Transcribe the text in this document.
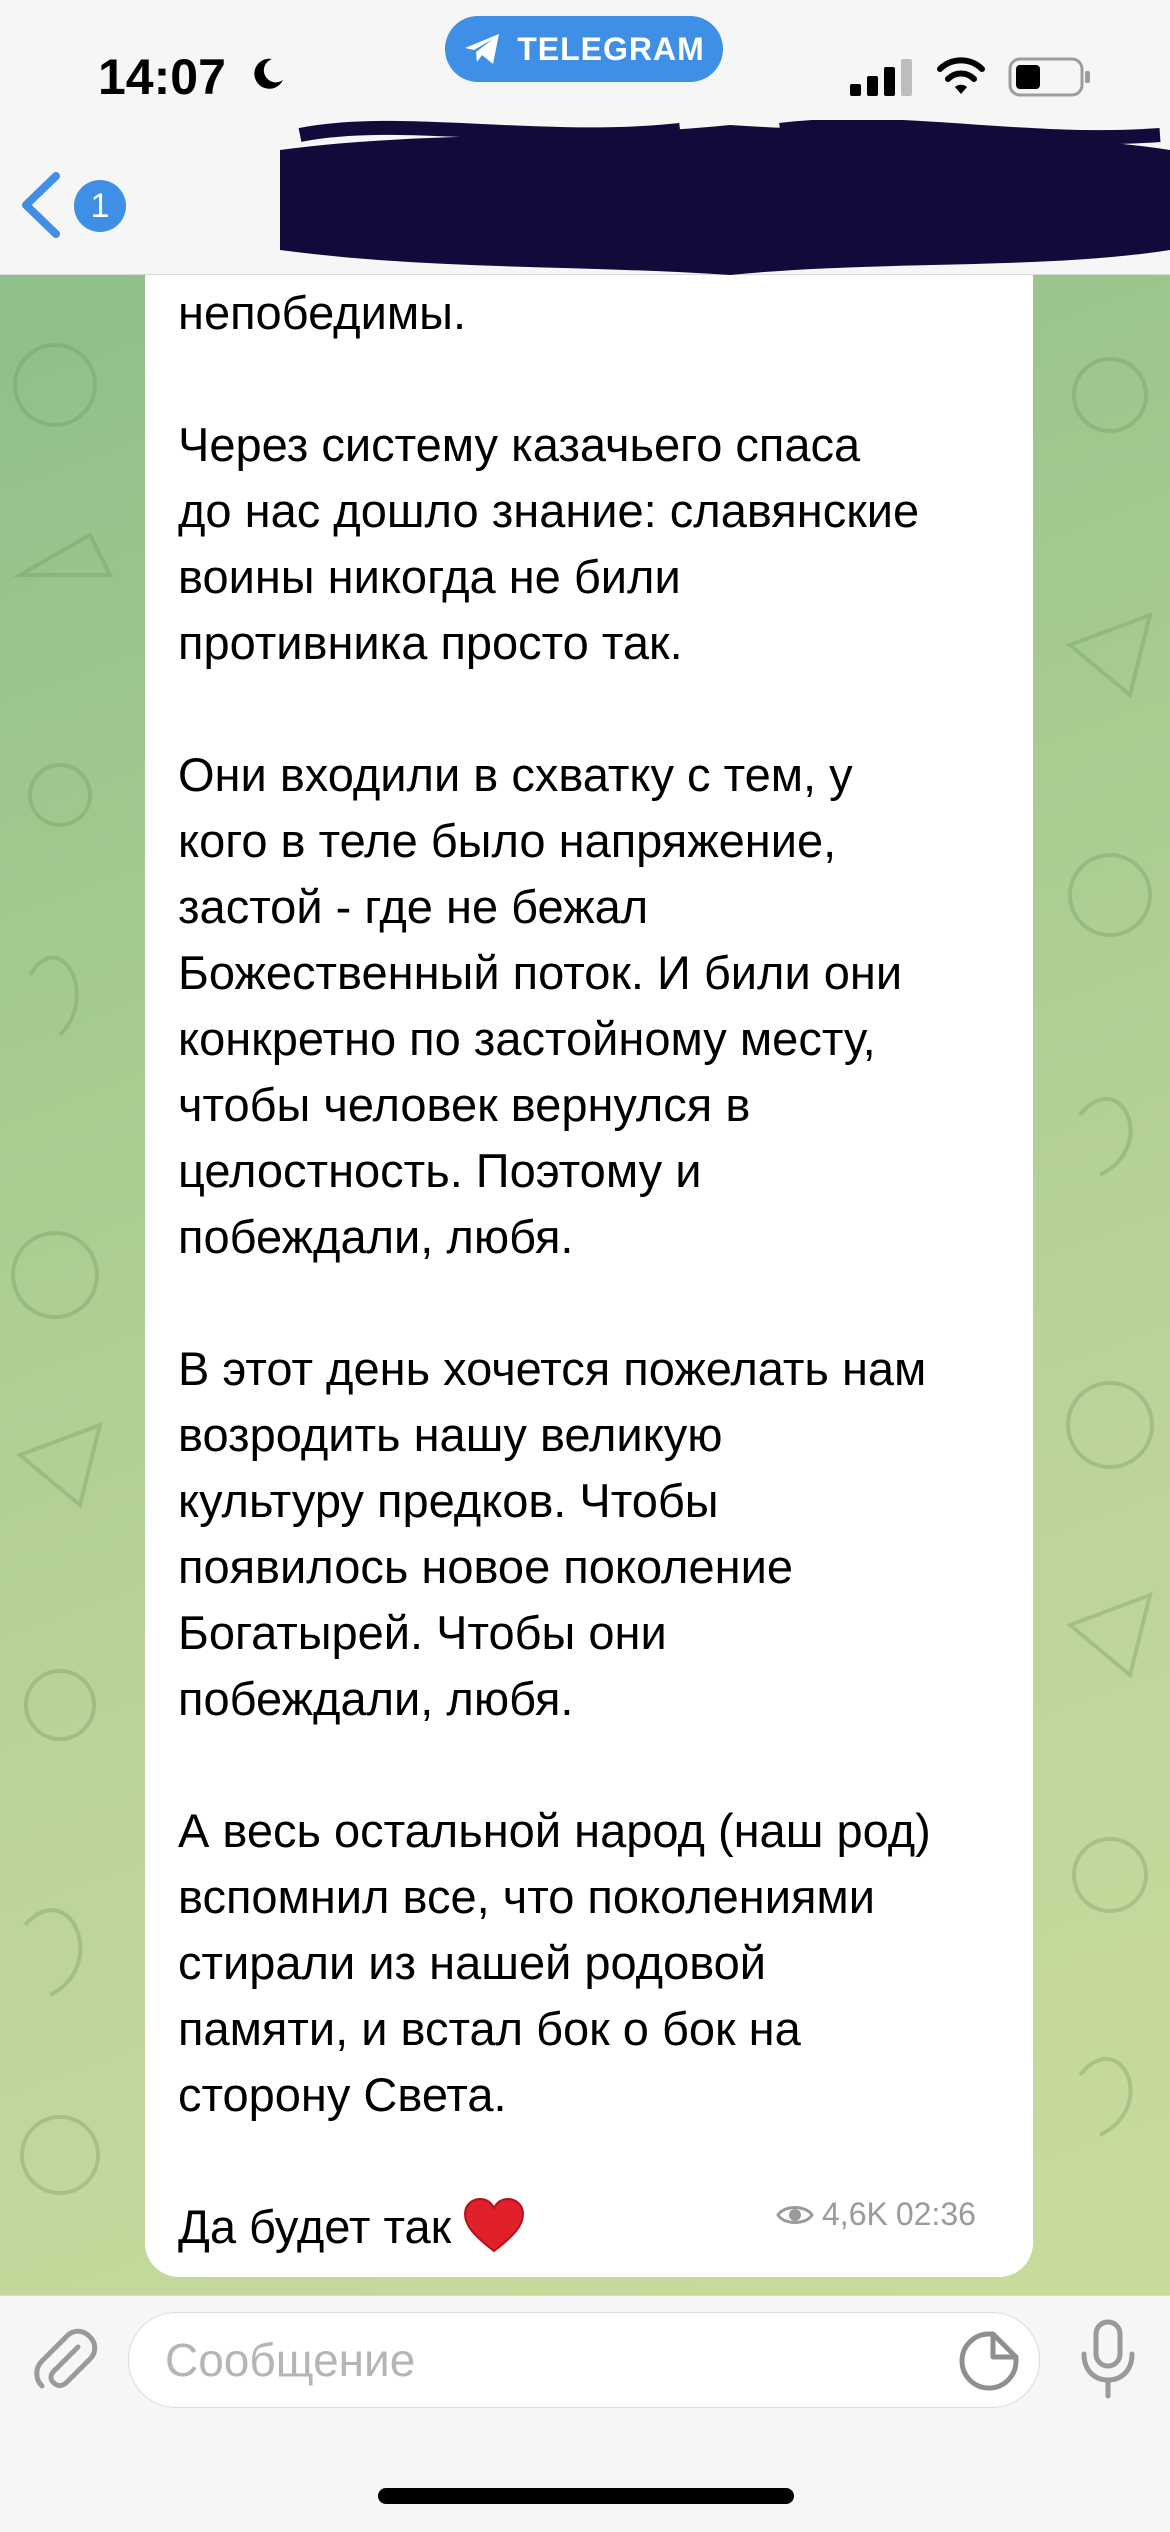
14:07
TELEGRAM
1
непобедимы.

Через систему казачьего спаса
до нас дошло знание: славянские
воины никогда не били
противника просто так.

Они входили в схватку с тем, у
кого в теле было напряжение,
застой - где не бежал
Божественный поток. И били они
конкретно по застойному месту,
чтобы человек вернулся в
целостность. Поэтому и
побеждали, любя.

В этот день хочется пожелать нам
возродить нашу великую
культуру предков. Чтобы
появилось новое поколение
Богатырей. Чтобы они
побеждали, любя.

А весь остальной народ (наш род)
вспомнил все, что поколениями
стирали из нашей родовой
памяти, и встал бок о бок на
сторону Света.

Да будет так	4,6K 02:36
Сообщение
